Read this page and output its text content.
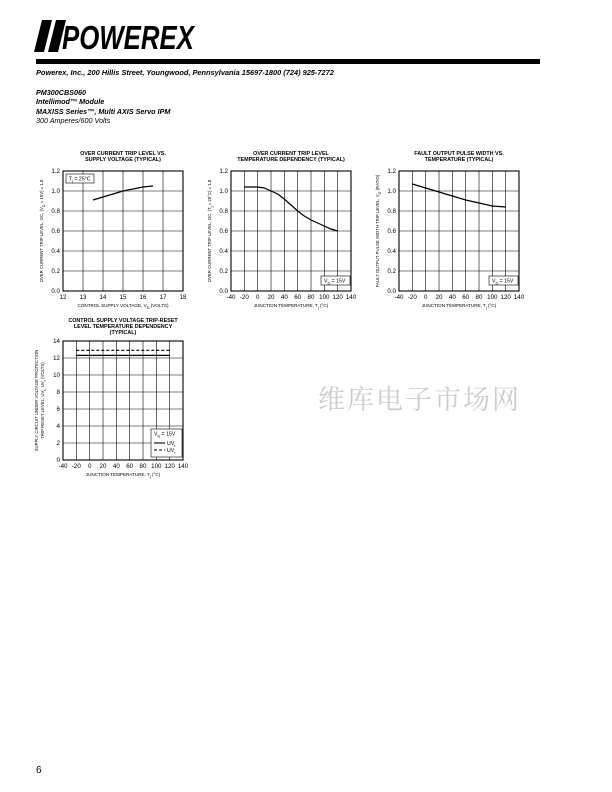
POWEREX
Powerex, Inc., 200 Hillis Street, Youngwood, Pennsylvania 15697-1800 (724) 925-7272
PM300CBS060
Intellimod™ Module
MAXISS Series™, Multi AXIS Servo IPM
300 Amperes/600 Volts
OVER CURRENT TRIP LEVEL VS.
SUPPLY VOLTAGE (TYPICAL)
12 13 14 15 16 17 18
0.0
0.2
0.4
0.6
0.8
1.0
1.2
CONTROL SUPPLY VOLTAGE, $V_D$ (VOLTS)
OVER CURRENT TRIP LEVEL, OC, $(V_D = 15V) = 1.0$
$T_j = 25^\circ C$
OVER CURRENT TRIP LEVEL
TEMPERATURE DEPENDENCY (TYPICAL)
-40 -20 0 20 40 60 80 100 120 140
0.0
0.2
0.4
0.6
0.8
1.0
1.2
JUNCTION TEMPERATURE, $T_j$ (°C)
OVER CURRENT TRIP LEVEL, OC, $(T_j = 25^\circ C) = 1.0$
$V_D = 15V$
FAULT OUTPUT PULSE WIDTH VS.
TEMPERATURE (TYPICAL)
-40 -20 0 20 40 60 80 100 120 140
0.0
0.2
0.4
0.6
0.8
1.0
1.2
JUNCTION TEMPERATURE, $T_j$ (°C)
FAULT OUTPUT PULSE WIDTH TRIP LEVEL, $V_D$ (RATIO)
$V_D = 15V$
CONTROL SUPPLY VOLTAGE TRIP-RESET
LEVEL TEMPERATURE DEPENDENCY
(TYPICAL)
-40 -20 0 20 40 60 80 100 120 140
0
2
4
6
8
10
12
14
JUNCTION TEMPERATURE, $T_j$ (°C)
SUPPLY CIRCUIT UNDER VOLTAGE PROTECTION TRIP RESET LEVEL, $UV_{t,}$ $UV_r$ (VOLTS)
$V_D = 15V$
$UV_t$
$UV_r$
维库电子市场网
6
